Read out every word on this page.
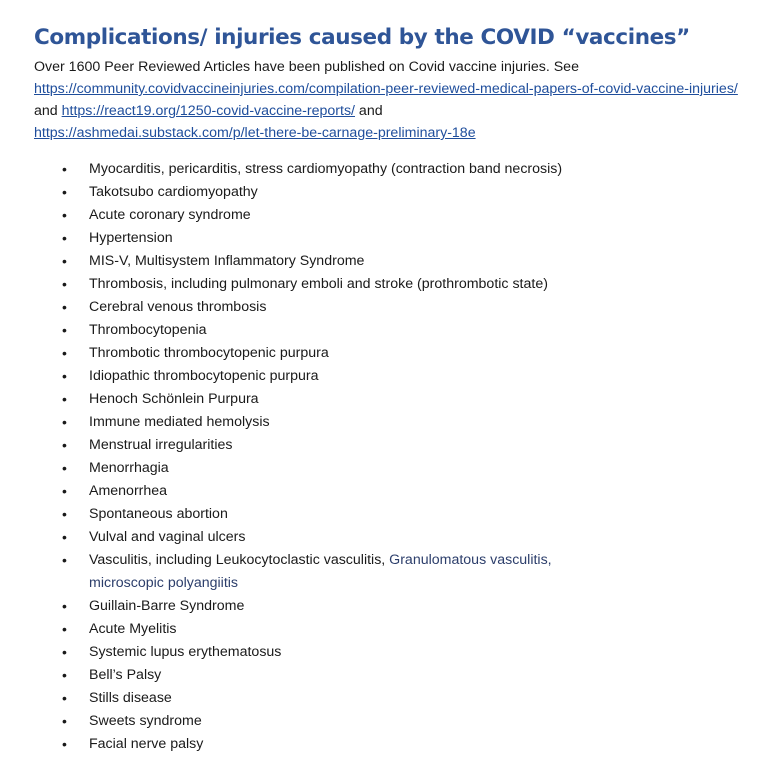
Complications/ injuries caused by the COVID “vaccines”
Over 1600 Peer Reviewed Articles have been published on Covid vaccine injuries. See
https://community.covidvaccineinjuries.com/compilation-peer-reviewed-medical-papers-of-covid-vaccine-injuries/ and https://react19.org/1250-covid-vaccine-reports/ and
https://ashmedai.substack.com/p/let-there-be-carnage-preliminary-18e
• Myocarditis, pericarditis, stress cardiomyopathy (contraction band necrosis)
• Takotsubo cardiomyopathy
• Acute coronary syndrome
• Hypertension
• MIS-V, Multisystem Inflammatory Syndrome
• Thrombosis, including pulmonary emboli and stroke (prothrombotic state)
• Cerebral venous thrombosis
• Thrombocytopenia
• Thrombotic thrombocytopenic purpura
• Idiopathic thrombocytopenic purpura
• Henoch Schönlein Purpura
• Immune mediated hemolysis
• Menstrual irregularities
• Menorrhagia
• Amenorrhea
• Spontaneous abortion
• Vulval and vaginal ulcers
• Vasculitis, including Leukocytoclastic vasculitis, Granulomatous vasculitis,
microscopic polyangiitis
• Guillain-Barre Syndrome
• Acute Myelitis
• Systemic lupus erythematosus
• Bell’s Palsy
• Stills disease
• Sweets syndrome
• Facial nerve palsy
